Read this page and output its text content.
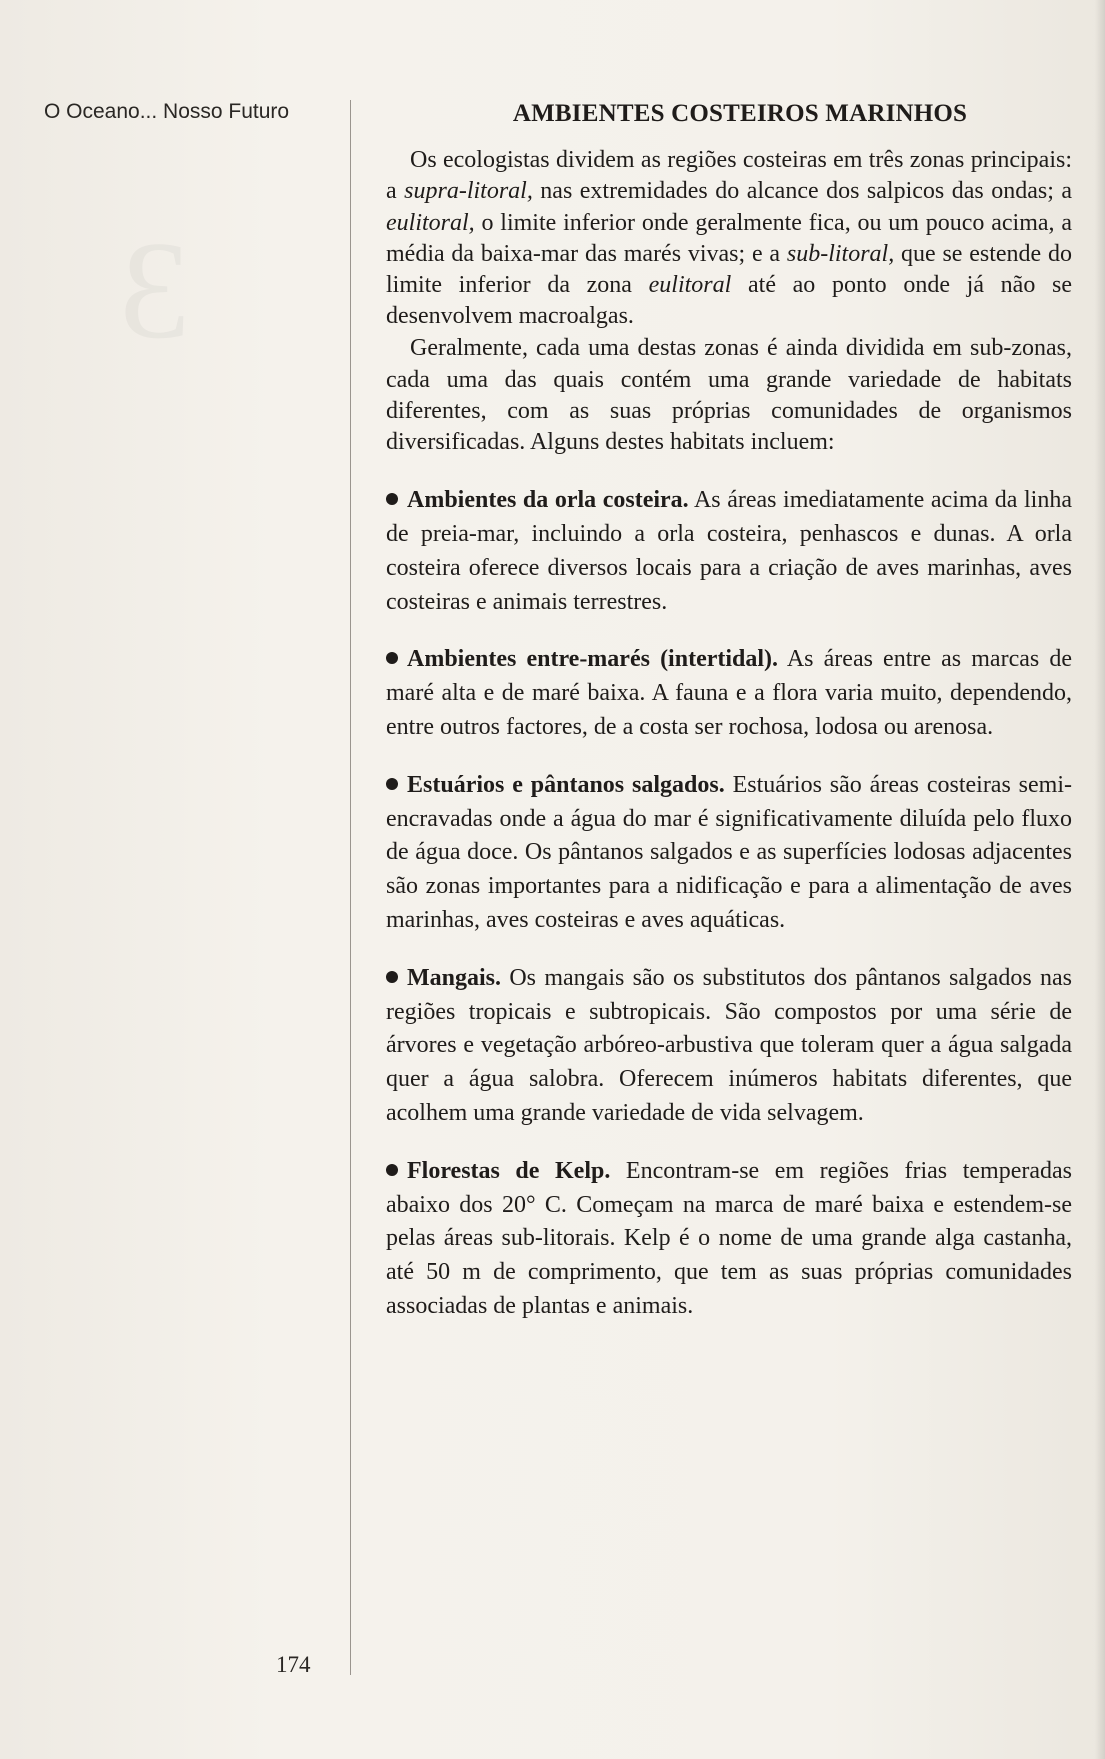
3
O Oceano... Nosso Futuro
174
AMBIENTES COSTEIROS MARINHOS

Os ecologistas dividem as regiões costeiras em três zonas principais: a supra-litoral, nas extremidades do alcance dos salpicos das ondas; a eulitoral, o limite inferior onde geralmente fica, ou um pouco acima, a média da baixa-mar das marés vivas; e a sub-litoral, que se estende do limite inferior da zona eulitoral até ao ponto onde já não se desenvolvem macroalgas.

Geralmente, cada uma destas zonas é ainda dividida em sub-zonas, cada uma das quais contém uma grande variedade de habitats diferentes, com as suas próprias comunidades de organismos diversificadas. Alguns destes habitats incluem:

Ambientes da orla costeira. As áreas imediatamente acima da linha de preia-mar, incluindo a orla costeira, penhascos e dunas. A orla costeira oferece diversos locais para a criação de aves marinhas, aves costeiras e animais terrestres.

Ambientes entre-marés (intertidal). As áreas entre as marcas de maré alta e de maré baixa. A fauna e a flora varia muito, dependendo, entre outros factores, de a costa ser rochosa, lodosa ou arenosa.

Estuários e pântanos salgados. Estuários são áreas costeiras semi-encravadas onde a água do mar é significativamente diluída pelo fluxo de água doce. Os pântanos salgados e as superfícies lodosas adjacentes são zonas importantes para a nidificação e para a alimentação de aves marinhas, aves costeiras e aves aquáticas.

Mangais. Os mangais são os substitutos dos pântanos salgados nas regiões tropicais e subtropicais. São compostos por uma série de árvores e vegetação arbóreo-arbustiva que toleram quer a água salgada quer a água salobra. Oferecem inúmeros habitats diferentes, que acolhem uma grande variedade de vida selvagem.

Florestas de Kelp. Encontram-se em regiões frias temperadas abaixo dos 20° C. Começam na marca de maré baixa e estendem-se pelas áreas sub-litorais. Kelp é o nome de uma grande alga castanha, até 50 m de comprimento, que tem as suas próprias comunidades associadas de plantas e animais.
